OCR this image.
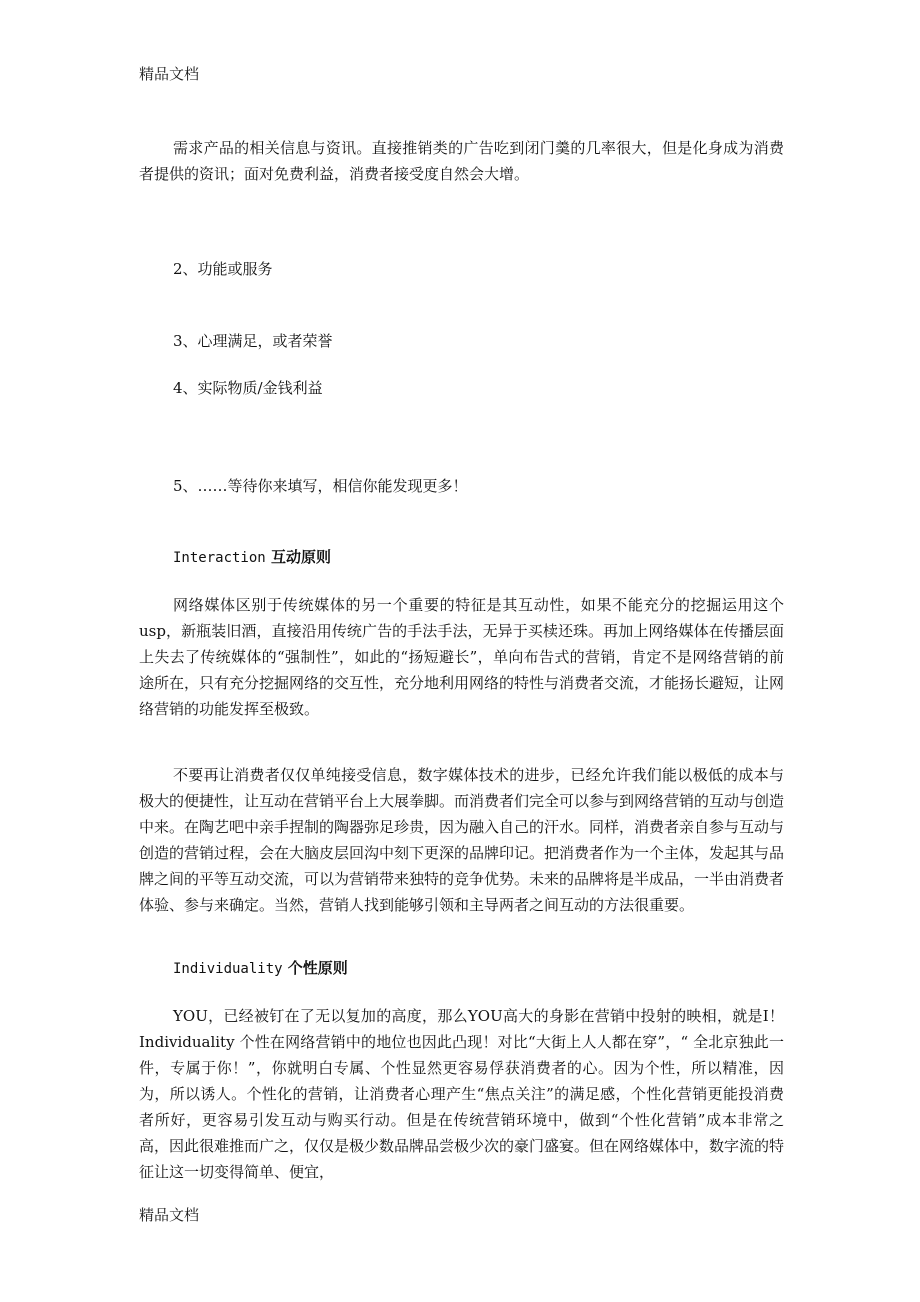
精品文档
需求产品的相关信息与资讯。直接推销类的广告吃到闭门羹的几率很大，但是化身成为消费者提供的资讯；面对免费利益，消费者接受度自然会大增。
2、功能或服务
3、心理满足，或者荣誉
4、实际物质/金钱利益
5、……等待你来填写，相信你能发现更多！
Interaction 互动原则
网络媒体区别于传统媒体的另一个重要的特征是其互动性，如果不能充分的挖掘运用这个usp，新瓶装旧酒，直接沿用传统广告的手法手法，无异于买椟还珠。再加上网络媒体在传播层面上失去了传统媒体的“强制性”，如此的“扬短避长”，单向布告式的营销，肯定不是网络营销的前途所在，只有充分挖掘网络的交互性，充分地利用网络的特性与消费者交流，才能扬长避短，让网络营销的功能发挥至极致。
不要再让消费者仅仅单纯接受信息，数字媒体技术的进步，已经允许我们能以极低的成本与极大的便捷性，让互动在营销平台上大展拳脚。而消费者们完全可以参与到网络营销的互动与创造中来。在陶艺吧中亲手捏制的陶器弥足珍贵，因为融入自己的汗水。同样，消费者亲自参与互动与创造的营销过程，会在大脑皮层回沟中刻下更深的品牌印记。把消费者作为一个主体，发起其与品牌之间的平等互动交流，可以为营销带来独特的竞争优势。未来的品牌将是半成品，一半由消费者体验、参与来确定。当然，营销人找到能够引领和主导两者之间互动的方法很重要。
Individuality 个性原则
YOU，已经被钉在了无以复加的高度，那么YOU高大的身影在营销中投射的映相，就是I！Individuality 个性在网络营销中的地位也因此凸现！对比“大街上人人都在穿”，“ 全北京独此一件，专属于你！”，你就明白专属、个性显然更容易俘获消费者的心。因为个性，所以精准，因为，所以诱人。个性化的营销，让消费者心理产生“焦点关注”的满足感，个性化营销更能投消费者所好，更容易引发互动与购买行动。但是在传统营销环境中，做到“个性化营销”成本非常之高，因此很难推而广之，仅仅是极少数品牌品尝极少次的豪门盛宴。但在网络媒体中，数字流的特征让这一切变得简单、便宜，
精品文档
